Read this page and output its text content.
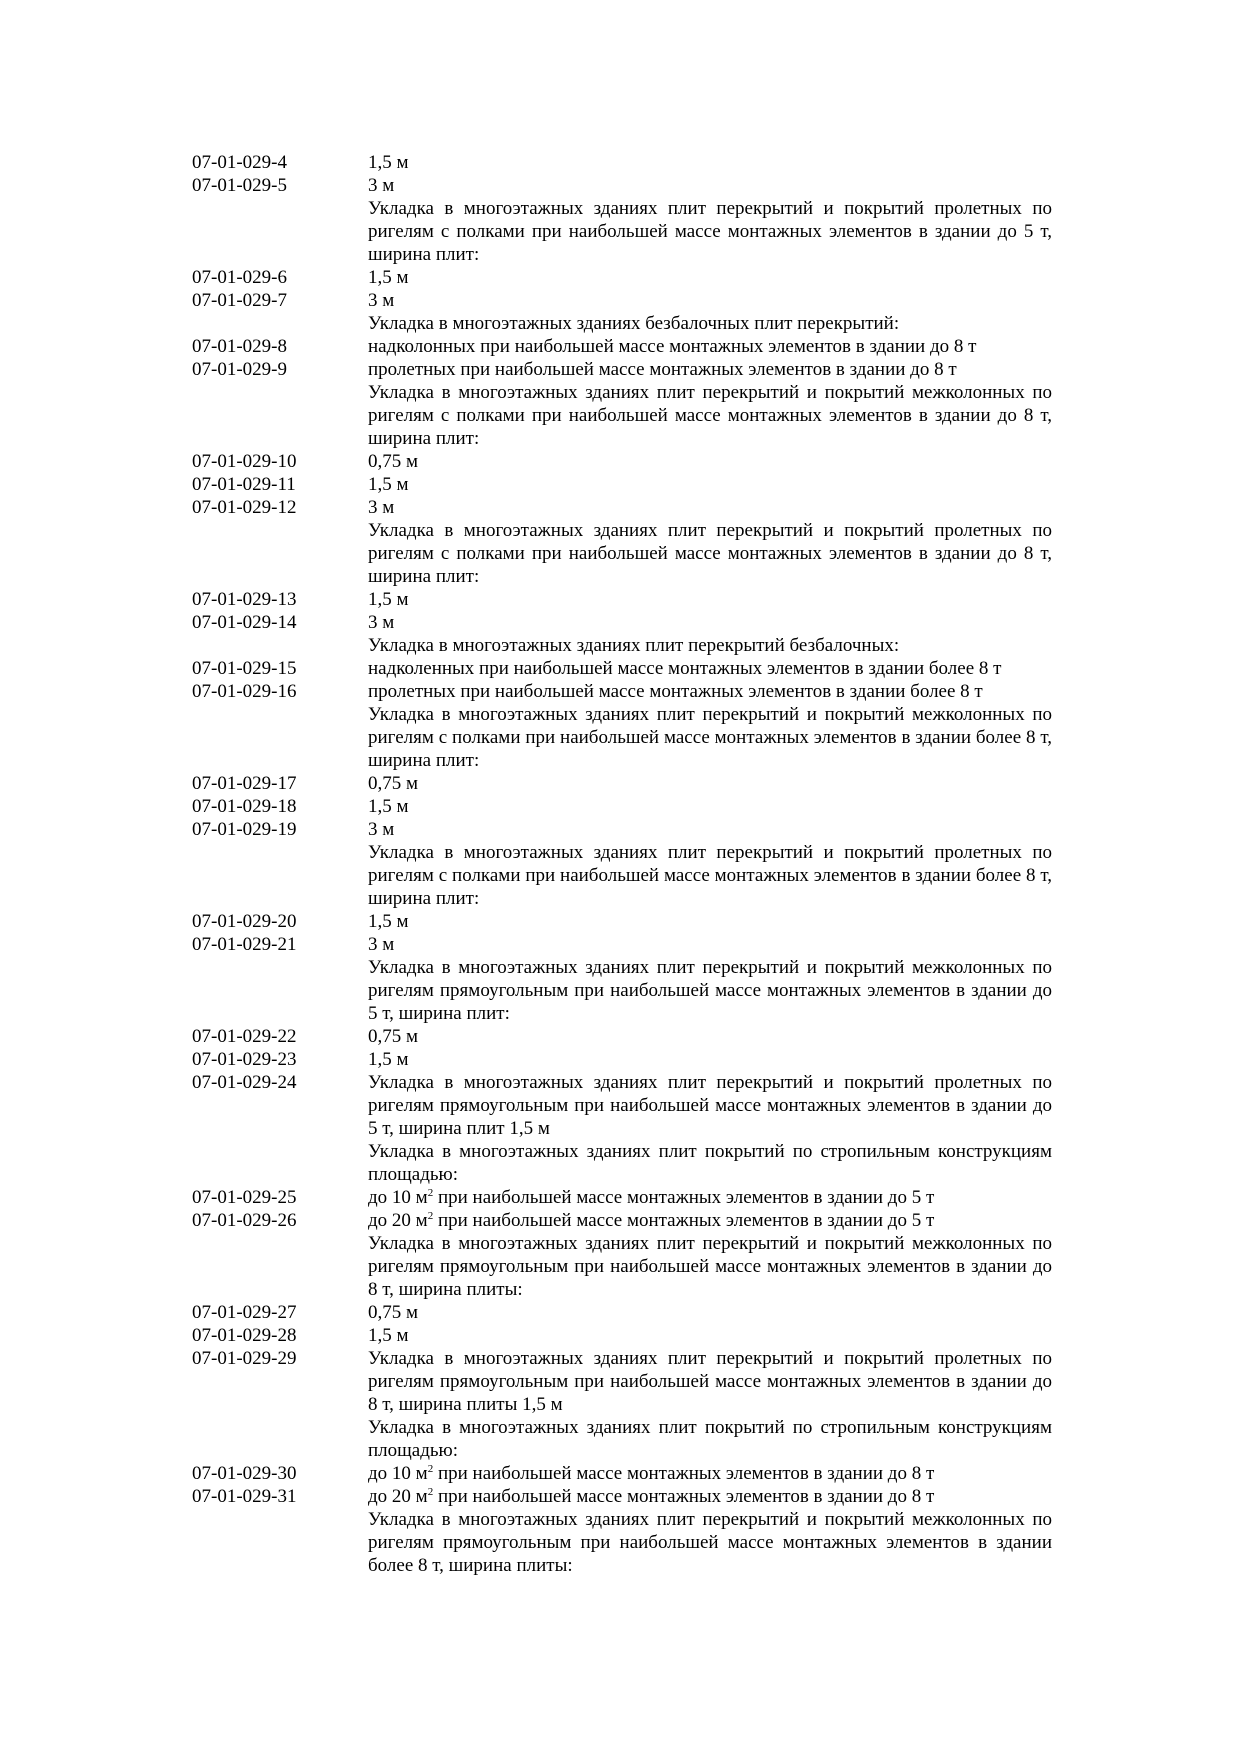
07-01-029-4	1,5 м
07-01-029-5	3 м
Укладка в многоэтажных зданиях плит перекрытий и покрытий пролетных по ригелям с полками при наибольшей массе монтажных элементов в здании до 5 т, ширина плит:
07-01-029-6	1,5 м
07-01-029-7	3 м
Укладка в многоэтажных зданиях безбалочных плит перекрытий:
07-01-029-8	надколонных при наибольшей массе монтажных элементов в здании до 8 т
07-01-029-9	пролетных при наибольшей массе монтажных элементов в здании до 8 т
Укладка в многоэтажных зданиях плит перекрытий и покрытий межколонных по ригелям с полками при наибольшей массе монтажных элементов в здании до 8 т, ширина плит:
07-01-029-10	0,75 м
07-01-029-11	1,5 м
07-01-029-12	3 м
Укладка в многоэтажных зданиях плит перекрытий и покрытий пролетных по ригелям с полками при наибольшей массе монтажных элементов в здании до 8 т, ширина плит:
07-01-029-13	1,5 м
07-01-029-14	3 м
Укладка в многоэтажных зданиях плит перекрытий безбалочных:
07-01-029-15	надколенных при наибольшей массе монтажных элементов в здании более 8 т
07-01-029-16	пролетных при наибольшей массе монтажных элементов в здании более 8 т
Укладка в многоэтажных зданиях плит перекрытий и покрытий межколонных по ригелям с полками при наибольшей массе монтажных элементов в здании более 8 т, ширина плит:
07-01-029-17	0,75 м
07-01-029-18	1,5 м
07-01-029-19	3 м
Укладка в многоэтажных зданиях плит перекрытий и покрытий пролетных по ригелям с полками при наибольшей массе монтажных элементов в здании более 8 т, ширина плит:
07-01-029-20	1,5 м
07-01-029-21	3 м
Укладка в многоэтажных зданиях плит перекрытий и покрытий межколонных по ригелям прямоугольным при наибольшей массе монтажных элементов в здании до 5 т, ширина плит:
07-01-029-22	0,75 м
07-01-029-23	1,5 м
07-01-029-24	Укладка в многоэтажных зданиях плит перекрытий и покрытий пролетных по ригелям прямоугольным при наибольшей массе монтажных элементов в здании до 5 т, ширина плит 1,5 м
Укладка в многоэтажных зданиях плит покрытий по стропильным конструкциям площадью:
07-01-029-25	до 10 $м^2$ при наибольшей массе монтажных элементов в здании до 5 т
07-01-029-26	до 20 $м^2$ при наибольшей массе монтажных элементов в здании до 5 т
Укладка в многоэтажных зданиях плит перекрытий и покрытий межколонных по ригелям прямоугольным при наибольшей массе монтажных элементов в здании до 8 т, ширина плиты:
07-01-029-27	0,75 м
07-01-029-28	1,5 м
07-01-029-29	Укладка в многоэтажных зданиях плит перекрытий и покрытий пролетных по ригелям прямоугольным при наибольшей массе монтажных элементов в здании до 8 т, ширина плиты 1,5 м
Укладка в многоэтажных зданиях плит покрытий по стропильным конструкциям площадью:
07-01-029-30	до 10 $м^2$ при наибольшей массе монтажных элементов в здании до 8 т
07-01-029-31	до 20 $м^2$ при наибольшей массе монтажных элементов в здании до 8 т
Укладка в многоэтажных зданиях плит перекрытий и покрытий межколонных по ригелям прямоугольным при наибольшей массе монтажных элементов в здании более 8 т, ширина плиты:
